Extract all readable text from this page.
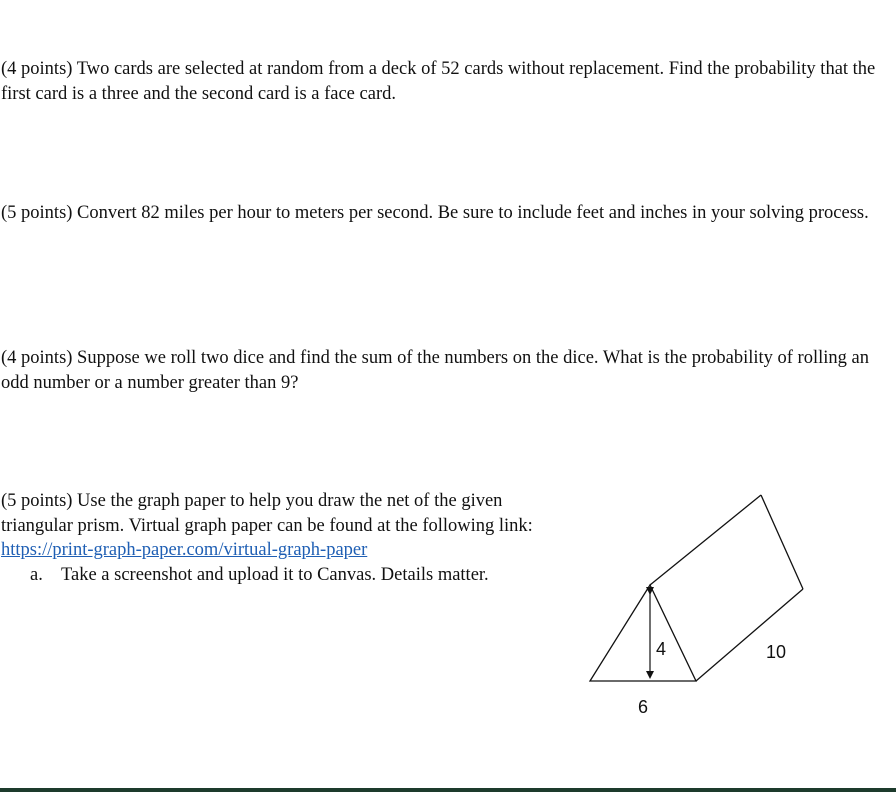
(4 points) Two cards are selected at random from a deck of 52 cards without replacement. Find the probability that the first card is a three and the second card is a face card.

(5 points) Convert 82 miles per hour to meters per second. Be sure to include feet and inches in your solving process.

(4 points) Suppose we roll two dice and find the sum of the numbers on the dice. What is the probability of rolling an odd number or a number greater than 9?

(5 points) Use the graph paper to help you draw the net of the given triangular prism. Virtual graph paper can be found at the following link: https://print-graph-paper.com/virtual-graph-paper
a. Take a screenshot and upload it to Canvas. Details matter.

4	10
6
